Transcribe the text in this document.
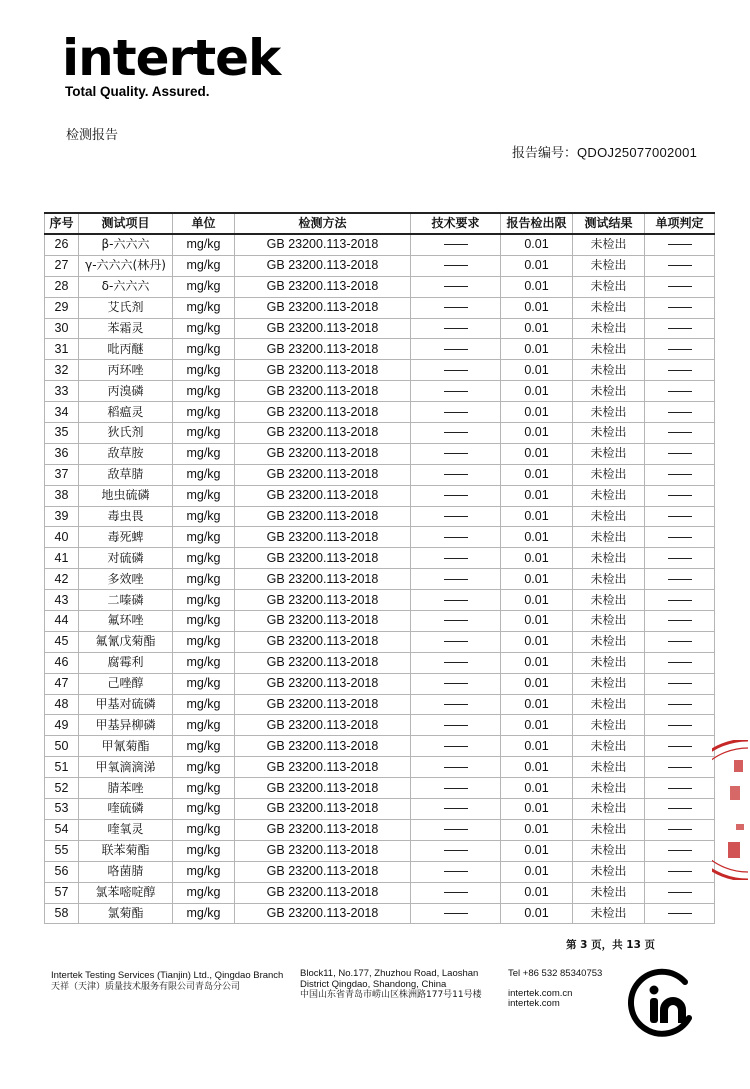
intertek
Total Quality. Assured.
检测报告
报告编号：QDOJ25077002001
序号	测试项目	单位	检测方法	技术要求	报告检出限	测试结果	单项判定
26	β-六六六	mg/kg	GB 23200.113-2018		0.01	未检出	
27	γ-六六六(林丹)	mg/kg	GB 23200.113-2018		0.01	未检出	
28	δ-六六六	mg/kg	GB 23200.113-2018		0.01	未检出	
29	艾氏剂	mg/kg	GB 23200.113-2018		0.01	未检出	
30	苯霜灵	mg/kg	GB 23200.113-2018		0.01	未检出	
31	吡丙醚	mg/kg	GB 23200.113-2018		0.01	未检出	
32	丙环唑	mg/kg	GB 23200.113-2018		0.01	未检出	
33	丙溴磷	mg/kg	GB 23200.113-2018		0.01	未检出	
34	稻瘟灵	mg/kg	GB 23200.113-2018		0.01	未检出	
35	狄氏剂	mg/kg	GB 23200.113-2018		0.01	未检出	
36	敌草胺	mg/kg	GB 23200.113-2018		0.01	未检出	
37	敌草腈	mg/kg	GB 23200.113-2018		0.01	未检出	
38	地虫硫磷	mg/kg	GB 23200.113-2018		0.01	未检出	
39	毒虫畏	mg/kg	GB 23200.113-2018		0.01	未检出	
40	毒死蜱	mg/kg	GB 23200.113-2018		0.01	未检出	
41	对硫磷	mg/kg	GB 23200.113-2018		0.01	未检出	
42	多效唑	mg/kg	GB 23200.113-2018		0.01	未检出	
43	二嗪磷	mg/kg	GB 23200.113-2018		0.01	未检出	
44	氟环唑	mg/kg	GB 23200.113-2018		0.01	未检出	
45	氟氰戊菊酯	mg/kg	GB 23200.113-2018		0.01	未检出	
46	腐霉利	mg/kg	GB 23200.113-2018		0.01	未检出	
47	己唑醇	mg/kg	GB 23200.113-2018		0.01	未检出	
48	甲基对硫磷	mg/kg	GB 23200.113-2018		0.01	未检出	
49	甲基异柳磷	mg/kg	GB 23200.113-2018		0.01	未检出	
50	甲氰菊酯	mg/kg	GB 23200.113-2018		0.01	未检出	
51	甲氧滴滴涕	mg/kg	GB 23200.113-2018		0.01	未检出	
52	腈苯唑	mg/kg	GB 23200.113-2018		0.01	未检出	
53	喹硫磷	mg/kg	GB 23200.113-2018		0.01	未检出	
54	喹氧灵	mg/kg	GB 23200.113-2018		0.01	未检出	
55	联苯菊酯	mg/kg	GB 23200.113-2018		0.01	未检出	
56	咯菌腈	mg/kg	GB 23200.113-2018		0.01	未检出	
57	氯苯嘧啶醇	mg/kg	GB 23200.113-2018		0.01	未检出	
58	氯菊酯	mg/kg	GB 23200.113-2018		0.01	未检出	
第 3 页，共 13 页
Intertek Testing Services (Tianjin) Ltd., Qingdao Branch
天祥（天津）质量技术服务有限公司青岛分公司
Block11, No.177, Zhuzhou Road, Laoshan District Qingdao, Shandong, China
中国山东省青岛市崂山区株洲路177号11号楼
Tel +86 532 85340753
intertek.com.cn
intertek.com
